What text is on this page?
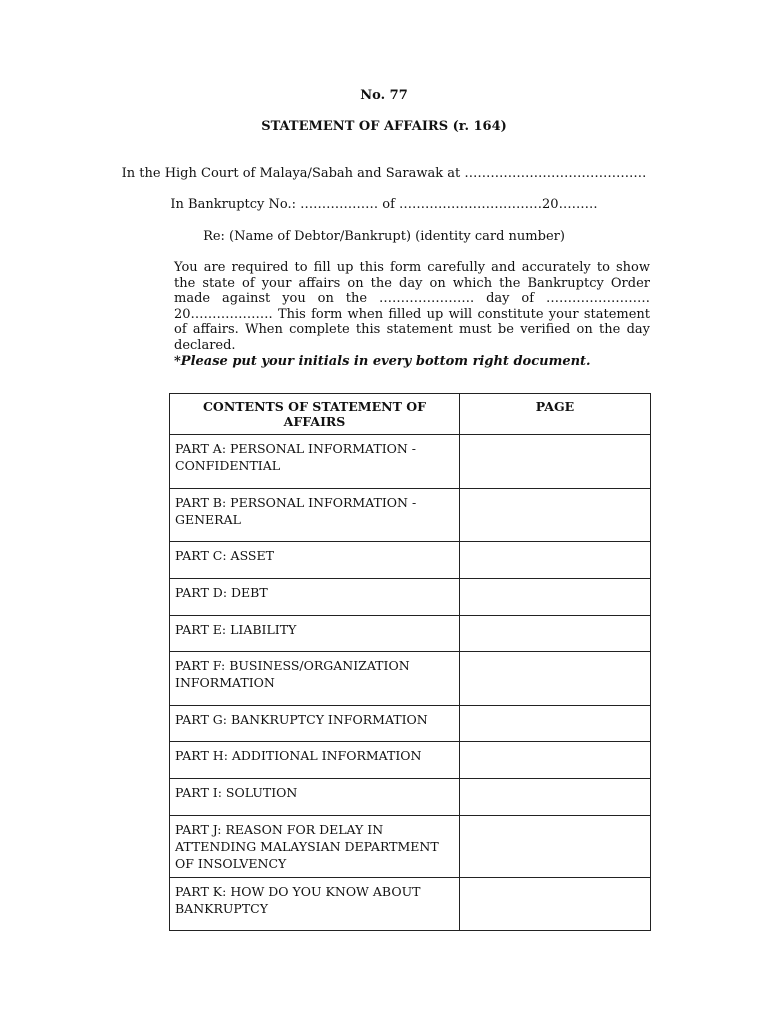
No. 77
STATEMENT OF AFFAIRS (r. 164)
In the High Court of Malaya/Sabah and Sarawak at ……………………………………
In Bankruptcy No.: ……………… of ……………………………20………
Re: (Name of Debtor/Bankrupt) (identity card number)
You are required to fill up this form carefully and accurately to show the state of your affairs on the day on which the Bankruptcy Order made against you on the …………………. day of …………………… 20………………. This form when filled up will constitute your statement of affairs. When complete this statement must be verified on the day declared.
*Please put your initials in every bottom right document.
CONTENTS OF STATEMENT OF AFFAIRS	PAGE
PART A: PERSONAL INFORMATION - CONFIDENTIAL	
PART B: PERSONAL INFORMATION - GENERAL	
PART C: ASSET	
PART D: DEBT	
PART E: LIABILITY	
PART F: BUSINESS/ORGANIZATION INFORMATION	
PART G: BANKRUPTCY INFORMATION	
PART H: ADDITIONAL INFORMATION	
PART I: SOLUTION	
PART J: REASON FOR DELAY IN ATTENDING MALAYSIAN DEPARTMENT OF INSOLVENCY	
PART K: HOW DO YOU KNOW ABOUT BANKRUPTCY	
